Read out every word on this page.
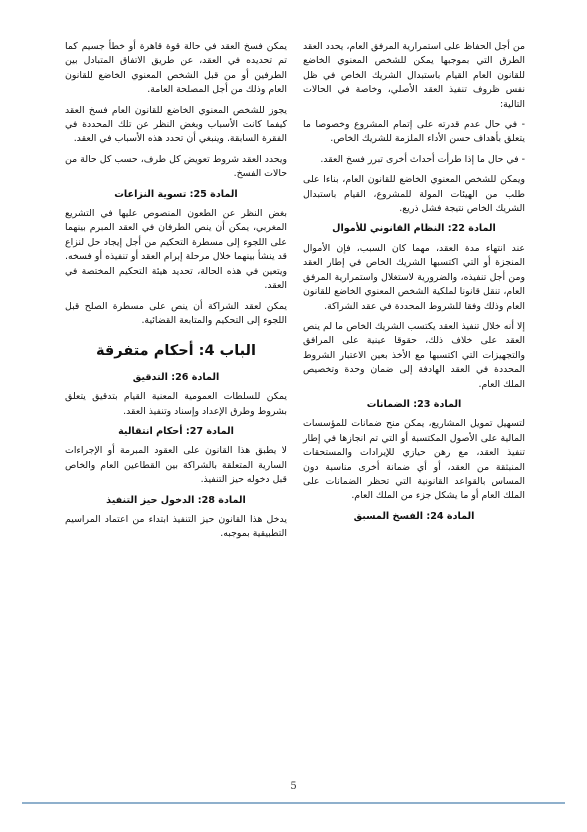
من أجل الحفاظ على استمرارية المرفق العام، يحدد العقد الطرق التي بموجبها يمكن للشخص المعنوي الخاضع للقانون العام القيام باستبدال الشريك الخاص في ظل نفس ظروف تنفيذ العقد الأصلي، وخاصة في الحالات التالية:

- في حال عدم قدرته على إتمام المشروع وخصوصا ما يتعلق بأهداف حسن الأداء الملزمة للشريك الخاص.

- في حال ما إذا طرأت أحداث أخرى تبرر فسخ العقد.

ويمكن للشخص المعنوي الخاضع للقانون العام، بناءا على طلب من الهيئات المولة للمشروع، القيام باستبدال الشريك الخاص نتيجة فشل ذريع.

المادة 22: النظام القانوني للأموال

عند انتهاء مدة العقد، مهما كان السبب، فإن الأموال المنجزة أو التي اكتسبها الشريك الخاص في إطار العقد ومن أجل تنفيذه، والضرورية لاستغلال واستمرارية المرفق العام، تنقل قانونا لملكية الشخص المعنوي الخاضع للقانون العام وذلك وفقا للشروط المحددة في عقد الشراكة.

إلا أنه خلال تنفيذ العقد يكتسب الشريك الخاص ما لم ينص العقد على خلاف ذلك، حقوقا عينية على المرافق والتجهيزات التي اكتسبها مع الأخذ بعين الاعتبار الشروط المحددة في العقد الهادفة إلى ضمان وحدة وتخصيص الملك العام.

المادة 23: الضمانات

لتسهيل تمويل المشاريع، يمكن منح ضمانات للمؤسسات المالية على الأصول المكتسبة أو التي تم انجازها في إطار تنفيذ العقد، مع رهن حيازي للإيرادات والمستحقات المنبثقة من العقد، أو أي ضمانة أخرى مناسبة دون المساس بالقواعد القانونية التي تحظر الضمانات على الملك العام أو ما يشكل جزء من الملك العام.

المادة 24: الفسخ المسبق

يمكن فسخ العقد في حالة قوة قاهرة أو خطأ جسيم كما تم تحديده في العقد، عن طريق الاتفاق المتبادل بين الطرفين أو من قبل الشخص المعنوي الخاضع للقانون العام وذلك من أجل المصلحة العامة.

يجوز للشخص المعنوي الخاضع للقانون العام فسخ العقد كيفما كانت الأسباب وبغض النظر عن تلك المحددة في الفقرة السابقة. وينبغي أن تحدد هذه الأسباب في العقد.

ويحدد العقد شروط تعويض كل طرف، حسب كل حالة من حالات الفسخ.

المادة 25: تسوية النزاعات

بغض النظر عن الطعون المنصوص عليها في التشريع المغربي، يمكن أن ينص الطرفان في العقد المبرم بينهما على اللجوء إلى مسطرة التحكيم من أجل إيجاد حل لنزاع قد ينشأ بينهما خلال مرحلة إبرام العقد أو تنفيذه أو فسخه. ويتعين في هذه الحالة، تحديد هيئة التحكيم المختصة في العقد.

يمكن لعقد الشراكة أن ينص على مسطرة الصلح قبل اللجوء إلى التحكيم والمتابعة القضائية.

الباب 4: أحكام متفرقة
المادة 26: التدقيق

يمكن للسلطات العمومية المعنية القيام بتدقيق يتعلق بشروط وطرق الإعداد وإسناد وتنفيذ العقد.

المادة 27: أحكام انتقالية

لا يطبق هذا القانون على العقود المبرمة أو الإجراءات السارية المتعلقة بالشراكة بين القطاعين العام والخاص قبل دخوله حيز التنفيذ.

المادة 28: الدخول حيز التنفيذ

يدخل هذا القانون حيز التنفيذ ابتداء من اعتماد المراسيم التطبيقية بموجبه.

5
